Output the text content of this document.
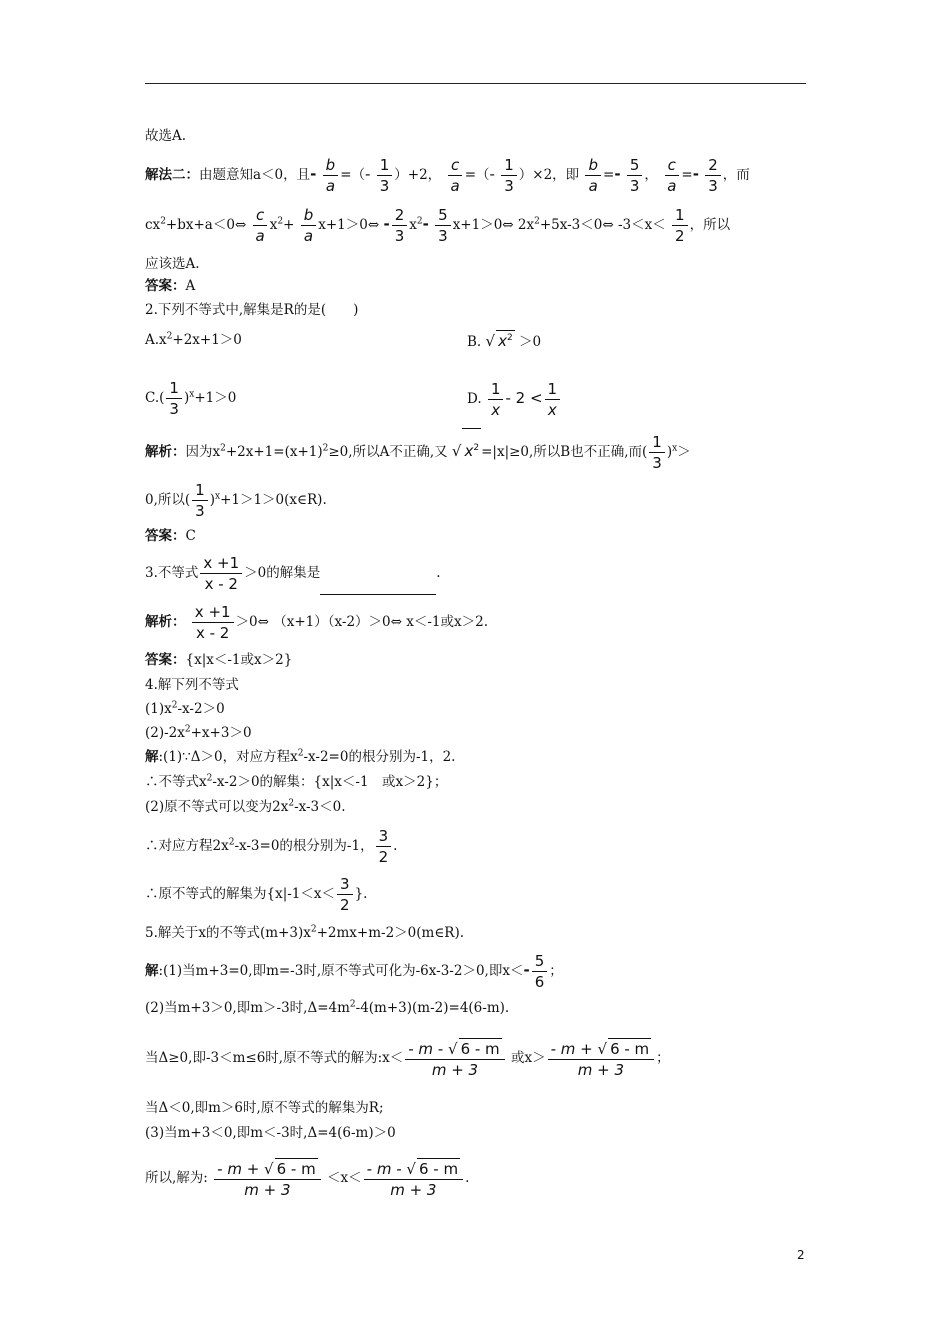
故选A.
解法二：由题意知a＜0，且- $\frac{b}{a}$ =（- $\frac{1}{3} )+2$， $\frac{c}{a}$ =（- $\frac{1}{3} )\times 2$，即 $\frac{b}{a} =- \frac{5}{3}$ ， $\frac{c}{a} =- \frac{2}{3}$ ，而
$cx^2+bx+a<0\Leftrightarrow \frac{c}{a} x^2+ \frac{b}{a}$ x+1＞0⇔ - $\frac{2}{3} x^2- \frac{5}{3}$ x+1＞0⇔ $2x^2+5x-3<0\Leftrightarrow$ $-3<x< \frac{1}{2}$ ，所以
应该选A.
答案：A
2.下列不等式中,解集是R的是(　　)
$A.x^2+2x+1>0$	B. √ $x^2 >0$
$C.( \frac{1}{3} )^x+1>0$	D. $\frac{1}{x} - 2 < \frac{1}{x}$
解析：因为$x^2+2x+1=(x+1)^2\ge 0$,所以A不正确,又 √ $x^2 =|x|\ge 0$,所以B也不正确,而( $\frac{1}{3} )^x>$
0,所以( $\frac{1}{3}$ )$^x$+1＞1＞0(x∈R).
答案：C
3.不等式 $\frac{x +1}{x - 2} >0$的解集是	.
解析： $\frac{x +1}{x - 2}$ ＞0⇔ （x+1）（x-2）＞0⇔ x＜-1或x＞2.
答案：{x|x＜-1或x＞2}
4.解下列不等式
$(1)x^2-x-2>0$
$(2)-2x^2+x+3>0$
解:(1)∵Δ＞0，对应方程$x^2-x-2=0$的根分别为-1，2.
∴不等式$x^2-x-2>0$的解集：{x|x＜-1　或x＞2}；
(2)原不等式可以变为$2x^2-x-3<0$.
∴对应方程$2x^2-x-3=0$的根分别为-1， $\frac{3}{2}$ .
∴原不等式的解集为{$x|-1<x< \frac{3}{2}$ }.
5.解关于x的不等式$(m+3)x^2+2mx+m-2>0(m\in R)$.
解:(1)当m+3=0,即m=-3时,原不等式可化为-6x-3-2＞0,即$x<- \frac{5}{6}$ ；
(2)当m+3＞0,即m＞-3时$,\Delta=4m^2-4(m+3)(m-2)=4(6-m)$.
当Δ≥0,即-3＜m≤6时,原不等式的解为:x＜ $\frac{- m - √ 6 - m}{m + 3}$ 或$x> \frac{- m + √ 6 - m}{m + 3}$ ；
当Δ＜0,即m＞6时,原不等式的解集为R;
(3)当m+3＜0,即m＜-3时,Δ=4(6-m)＞0
所以,解为: $\frac{- m + √ 6 - m}{m + 3} <x< \frac{- m - √ 6 - m}{m + 3}$ .
2
